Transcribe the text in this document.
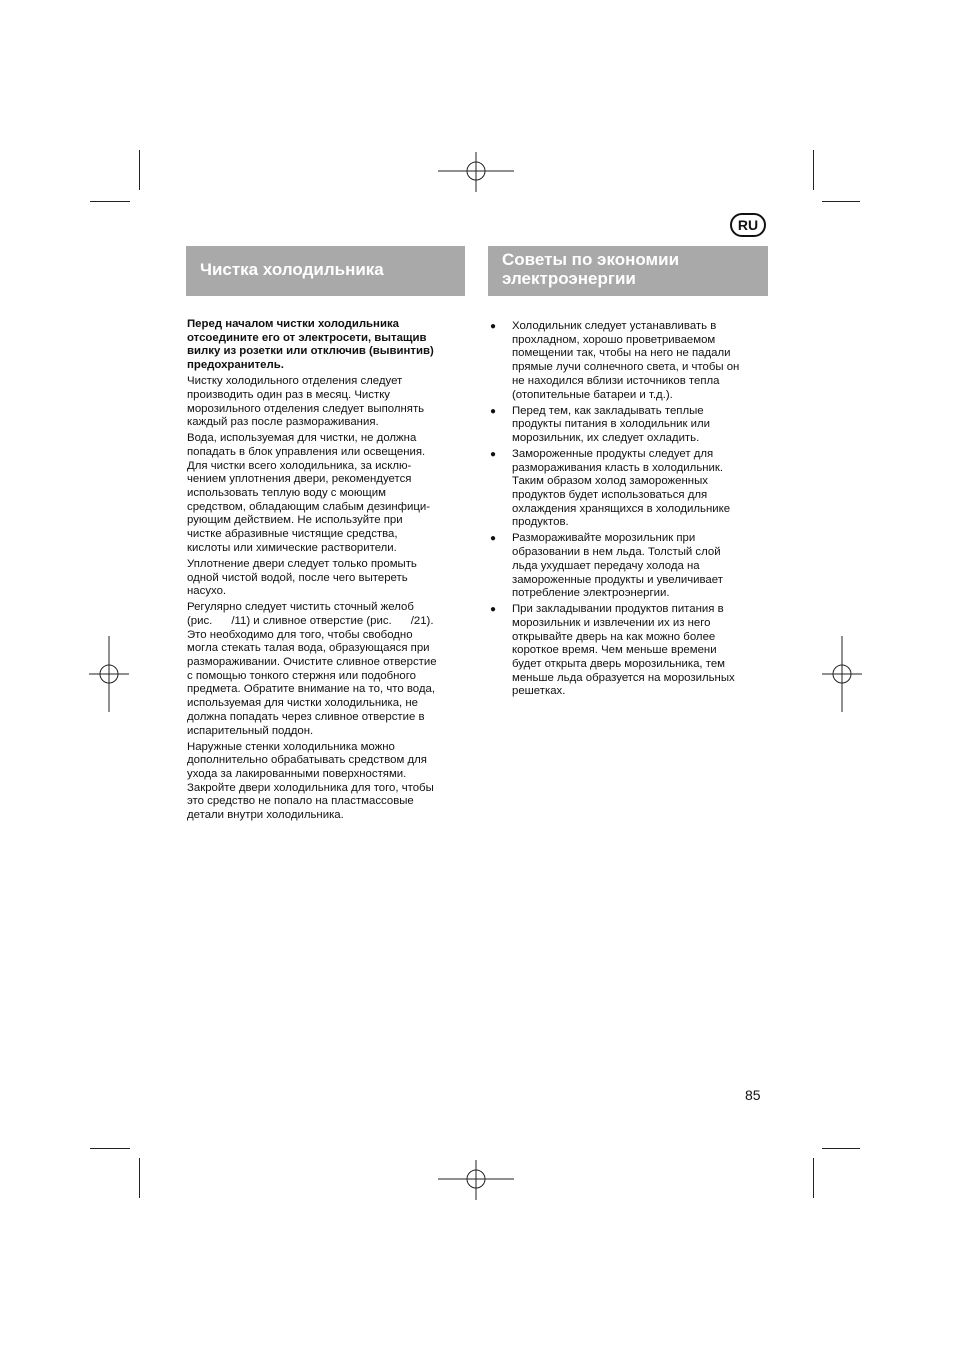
RU
Чистка холодильника
Советы по экономии
электроэнергии

Перед началом чистки холодильника
отсоедините его от электросети, вытащив
вилку из розетки или отключив (вывинтив)
предохранитель.

Чистку холодильного отделения следует
производить один раз в месяц. Чистку
морозильного отделения следует выполнять
каждый раз после размораживания.

Вода, используемая для чистки, не должна
попадать в блок управления или освещения.
Для чистки всего холодильника, за исклю-
чением уплотнения двери, рекомендуется
использовать теплую воду с моющим
средством, обладающим слабым дезинфици-
рующим действием. Не используйте при
чистке абразивные чистящие средства,
кислоты или химические растворители.

Уплотнение двери следует только промыть
одной чистой водой, после чего вытереть
насухо.

Регулярно следует чистить сточный желоб
(рис.      /11) и сливное отверстие (рис.      /21).
Это необходимо для того, чтобы свободно
могла стекать талая вода, образующаяся при
размораживании. Очистите сливное отверстие
с помощью тонкого стержня или подобного
предмета. Обратите внимание на то, что вода,
используемая для чистки холодильника, не
должна попадать через сливное отверстие в
испарительный поддон.

Наружные стенки холодильника можно
дополнительно обрабатывать средством для
ухода за лакированными поверхностями.
Закройте двери холодильника для того, чтобы
это средство не попало на пластмассовые
детали внутри холодильника.

● Холодильник следует устанавливать в
прохладном, хорошо проветриваемом
помещении так, чтобы на него не падали
прямые лучи солнечного света, и чтобы он
не находился вблизи источников тепла
(отопительные батареи и т.д.).
● Перед тем, как закладывать теплые
продукты питания в холодильник или
морозильник, их следует охладить.
● Замороженные продукты следует для
размораживания класть в холодильник.
Таким образом холод замороженных
продуктов будет использоваться для
охлаждения хранящихся в холодильнике
продуктов.
● Размораживайте морозильник при
образовании в нем льда. Толстый слой
льда ухудшает передачу холода на
замороженные продукты и увеличивает
потребление электроэнергии.
● При закладывании продуктов питания в
морозильник и извлечении их из него
открывайте дверь на как можно более
короткое время. Чем меньше времени
будет открыта дверь морозильника, тем
меньше льда образуется на морозильных
решетках.
85
